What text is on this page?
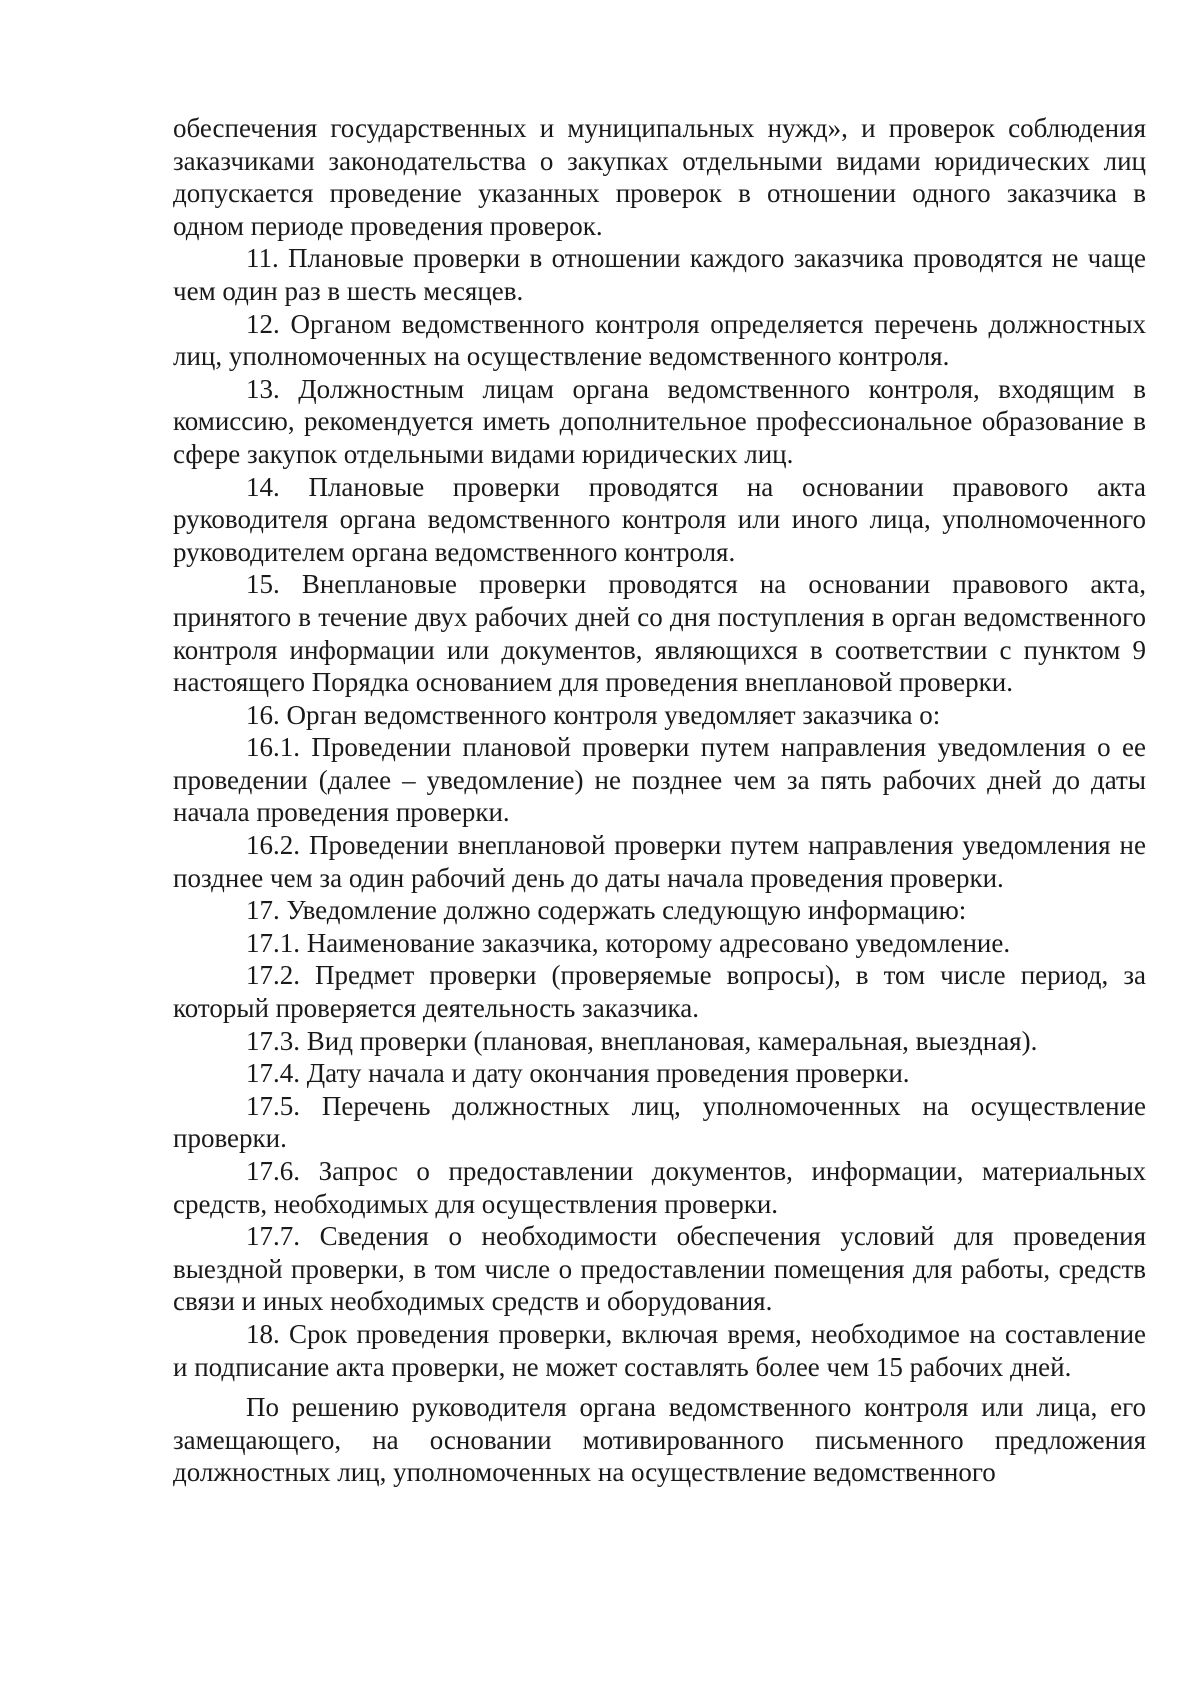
обеспечения государственных и муниципальных нужд», и проверок соблюдения заказчиками законодательства о закупках отдельными видами юридических лиц допускается проведение указанных проверок в отношении одного заказчика в одном периоде проведения проверок.

11. Плановые проверки в отношении каждого заказчика проводятся не чаще чем один раз в шесть месяцев.

12. Органом ведомственного контроля определяется перечень должностных лиц, уполномоченных на осуществление ведомственного контроля.

13. Должностным лицам органа ведомственного контроля, входящим в комиссию, рекомендуется иметь дополнительное профессиональное образование в сфере закупок отдельными видами юридических лиц.

14. Плановые проверки проводятся на основании правового акта руководителя органа ведомственного контроля или иного лица, уполномоченного руководителем органа ведомственного контроля.

15. Внеплановые проверки проводятся на основании правового акта, принятого в течение двух рабочих дней со дня поступления в орган ведомственного контроля информации или документов, являющихся в соответствии с пунктом 9 настоящего Порядка основанием для проведения внеплановой проверки.

16. Орган ведомственного контроля уведомляет заказчика о:

16.1. Проведении плановой проверки путем направления уведомления о ее проведении (далее – уведомление) не позднее чем за пять рабочих дней до даты начала проведения проверки.

16.2. Проведении внеплановой проверки путем направления уведомления не позднее чем за один рабочий день до даты начала проведения проверки.

17. Уведомление должно содержать следующую информацию:

17.1. Наименование заказчика, которому адресовано уведомление.

17.2. Предмет проверки (проверяемые вопросы), в том числе период, за который проверяется деятельность заказчика.

17.3. Вид проверки (плановая, внеплановая, камеральная, выездная).

17.4. Дату начала и дату окончания проведения проверки.

17.5. Перечень должностных лиц, уполномоченных на осуществление проверки.

17.6. Запрос о предоставлении документов, информации, материальных средств, необходимых для осуществления проверки.

17.7. Сведения о необходимости обеспечения условий для проведения выездной проверки, в том числе о предоставлении помещения для работы, средств связи и иных необходимых средств и оборудования.

18. Срок проведения проверки, включая время, необходимое на составление и подписание акта проверки, не может составлять более чем 15 рабочих дней.

По решению руководителя органа ведомственного контроля или лица, его замещающего, на основании мотивированного письменного предложения должностных лиц, уполномоченных на осуществление ведомственного
